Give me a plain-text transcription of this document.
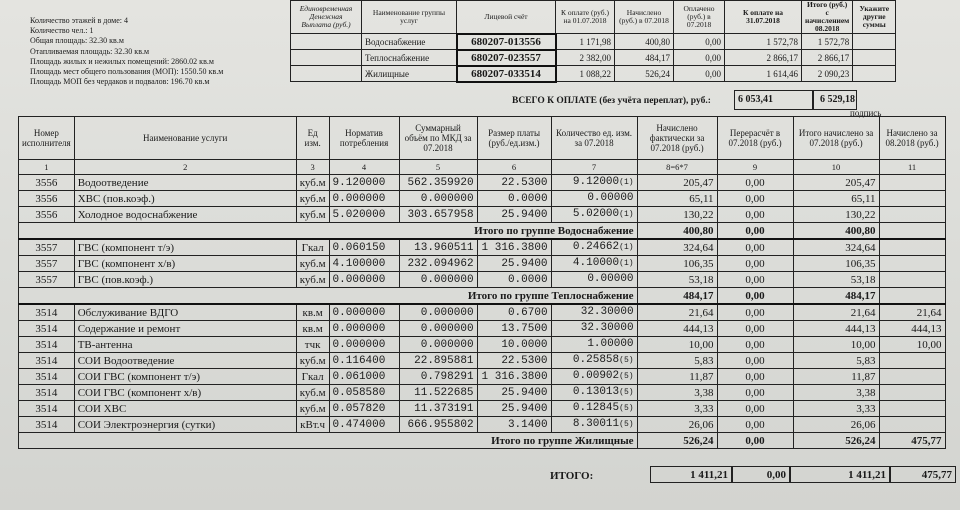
Количество этажей в доме: 4
Количество чел.: 1
Общая площадь: 32.30 кв.м
Отапливаемая площадь: 32.30 кв.м
Площадь жилых и нежилых помещений: 2860.02 кв.м
Площадь мест общего пользования (МОП): 1550.50 кв.м
Площадь МОП без чердаков и подвалов: 196.70 кв.м
Единовременная Денежная Выплата (руб.)	Наименование группы услуг	Лицевой счёт	К оплате (руб.) на 01.07.2018	Начислено (руб.) в 07.2018	Оплачено (руб.) в 07.2018	К оплате на 31.07.2018	Итого (руб.) с начислением 08.2018	Укажите другие суммы
	Водоснабжение	680207-013556	1 171,98	400,80	0,00	1 572,78	1 572,78	
	Теплоснабжение	680207-023557	2 382,00	484,17	0,00	2 866,17	2 866,17	
	Жилищные	680207-033514	1 088,22	526,24	0,00	1 614,46	2 090,23	
ВСЕГО К ОПЛАТЕ (без учёта переплат), руб.:	6 053,41	6 529,18
подпись
Номер исполнителя	Наименование услуги	Ед изм.	Норматив потребления	Суммарный объём по МКД за 07.2018	Размер платы (руб./ед.изм.)	Количество ед. изм. за 07.2018	Начислено фактически за 07.2018 (руб.)	Перерасчёт в 07.2018 (руб.)	Итого начислено за 07.2018 (руб.)	Начислено за 08.2018 (руб.)
1	2	3	4	5	6	7	8=6*7	9	10	11
3556	Водоотведение	куб.м	9.120000	562.359920	22.5300	9.12000(1)	205,47	0,00	205,47	
3556	ХВС (пов.коэф.)	куб.м	0.000000	0.000000	0.0000	0.00000	65,11	0,00	65,11	
3556	Холодное водоснабжение	куб.м	5.020000	303.657958	25.9400	5.02000(1)	130,22	0,00	130,22	
Итого по группе Водоснабжение							400,80	0,00	400,80	
3557	ГВС (компонент т/э)	Гкал	0.060150	13.960511	1 316.3800	0.24662(1)	324,64	0,00	324,64	
3557	ГВС (компонент х/в)	куб.м	4.100000	232.094962	25.9400	4.10000(1)	106,35	0,00	106,35	
3557	ГВС (пов.коэф.)	куб.м	0.000000	0.000000	0.0000	0.00000	53,18	0,00	53,18	
Итого по группе Теплоснабжение							484,17	0,00	484,17	
3514	Обслуживание ВДГО	кв.м	0.000000	0.000000	0.6700	32.30000	21,64	0,00	21,64	21,64
3514	Содержание и ремонт	кв.м	0.000000	0.000000	13.7500	32.30000	444,13	0,00	444,13	444,13
3514	ТВ-антенна	тчк	0.000000	0.000000	10.0000	1.00000	10,00	0,00	10,00	10,00
3514	СОИ Водоотведение	куб.м	0.116400	22.895881	22.5300	0.25858(5)	5,83	0,00	5,83	
3514	СОИ ГВС (компонент т/э)	Гкал	0.061000	0.798291	1 316.3800	0.00902(5)	11,87	0,00	11,87	
3514	СОИ ГВС (компонент х/в)	куб.м	0.058580	11.522685	25.9400	0.13013(5)	3,38	0,00	3,38	
3514	СОИ ХВС	куб.м	0.057820	11.373191	25.9400	0.12845(5)	3,33	0,00	3,33	
3514	СОИ Электроэнергия (сутки)	кВт.ч	0.474000	666.955802	3.1400	8.30011(5)	26,06	0,00	26,06	
Итого по группе Жилищные							526,24	0,00	526,24	475,77
ИТОГО:	1 411,21	0,00	1 411,21	475,77
